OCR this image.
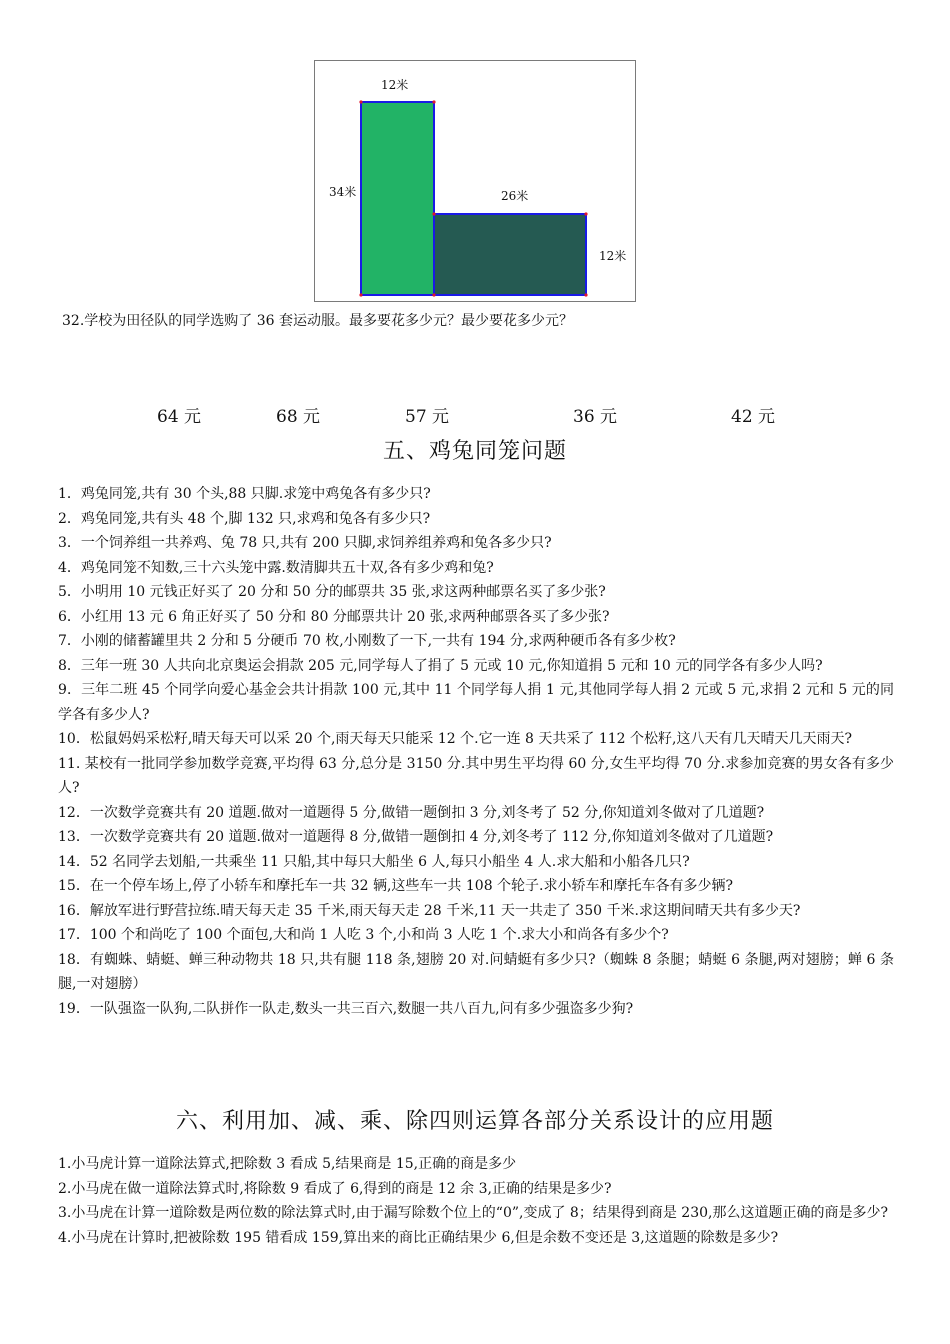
12米
34米	26米
12米
32.学校为田径队的同学选购了 36 套运动服。最多要花多少元？最少要花多少元？
64 元	68 元	57 元	36 元	42 元
五、鸡兔同笼问题

1．鸡兔同笼,共有 30 个头,88 只脚.求笼中鸡兔各有多少只?

2．鸡兔同笼,共有头 48 个,脚 132 只,求鸡和兔各有多少只?

3．一个饲养组一共养鸡、兔 78 只,共有 200 只脚,求饲养组养鸡和兔各多少只?

4．鸡兔同笼不知数,三十六头笼中露.数清脚共五十双,各有多少鸡和兔?

5．小明用 10 元钱正好买了 20 分和 50 分的邮票共 35 张,求这两种邮票名买了多少张?

6．小红用 13 元 6 角正好买了 50 分和 80 分邮票共计 20 张,求两种邮票各买了多少张?

7．小刚的储蓄罐里共 2 分和 5 分硬币 70 枚,小刚数了一下,一共有 194 分,求两种硬币各有多少枚?

8．三年一班 30 人共向北京奥运会捐款 205 元,同学每人了捐了 5 元或 10 元,你知道捐 5 元和 10 元的同学各有多少人吗?

9．三年二班 45 个同学向爱心基金会共计捐款 100 元,其中 11 个同学每人捐 1 元,其他同学每人捐 2 元或 5 元,求捐 2 元和 5 元的同学各有多少人?

10．松鼠妈妈采松籽,晴天每天可以采 20 个,雨天每天只能采 12 个.它一连 8 天共采了 112 个松籽,这八天有几天晴天几天雨天?

11. 某校有一批同学参加数学竞赛,平均得 63 分,总分是 3150 分.其中男生平均得 60 分,女生平均得 70 分.求参加竞赛的男女各有多少人?

12．一次数学竞赛共有 20 道题.做对一道题得 5 分,做错一题倒扣 3 分,刘冬考了 52 分,你知道刘冬做对了几道题?

13．一次数学竞赛共有 20 道题.做对一道题得 8 分,做错一题倒扣 4 分,刘冬考了 112 分,你知道刘冬做对了几道题?

14．52 名同学去划船,一共乘坐 11 只船,其中每只大船坐 6 人,每只小船坐 4 人.求大船和小船各几只?

15．在一个停车场上,停了小轿车和摩托车一共 32 辆,这些车一共 108 个轮子.求小轿车和摩托车各有多少辆?

16．解放军进行野营拉练.晴天每天走 35 千米,雨天每天走 28 千米,11 天一共走了 350 千米.求这期间晴天共有多少天?

17．100 个和尚吃了 100 个面包,大和尚 1 人吃 3 个,小和尚 3 人吃 1 个.求大小和尚各有多少个?

18．有蜘蛛、蜻蜓、蝉三种动物共 18 只,共有腿 118 条,翅膀 20 对.问蜻蜓有多少只?（蜘蛛 8 条腿；蜻蜓 6 条腿,两对翅膀；蝉 6 条腿,一对翅膀）

19．一队强盗一队狗,二队拼作一队走,数头一共三百六,数腿一共八百九,问有多少强盗多少狗?

六、利用加、减、乘、除四则运算各部分关系设计的应用题

1.小马虎计算一道除法算式,把除数 3 看成 5,结果商是 15,正确的商是多少

2.小马虎在做一道除法算式时,将除数 9 看成了 6,得到的商是 12 余 3,正确的结果是多少?

3.小马虎在计算一道除数是两位数的除法算式时,由于漏写除数个位上的“0”,变成了 8；结果得到商是 230,那么这道题正确的商是多少?

4.小马虎在计算时,把被除数 195 错看成 159,算出来的商比正确结果少 6,但是余数不变还是 3,这道题的除数是多少?
